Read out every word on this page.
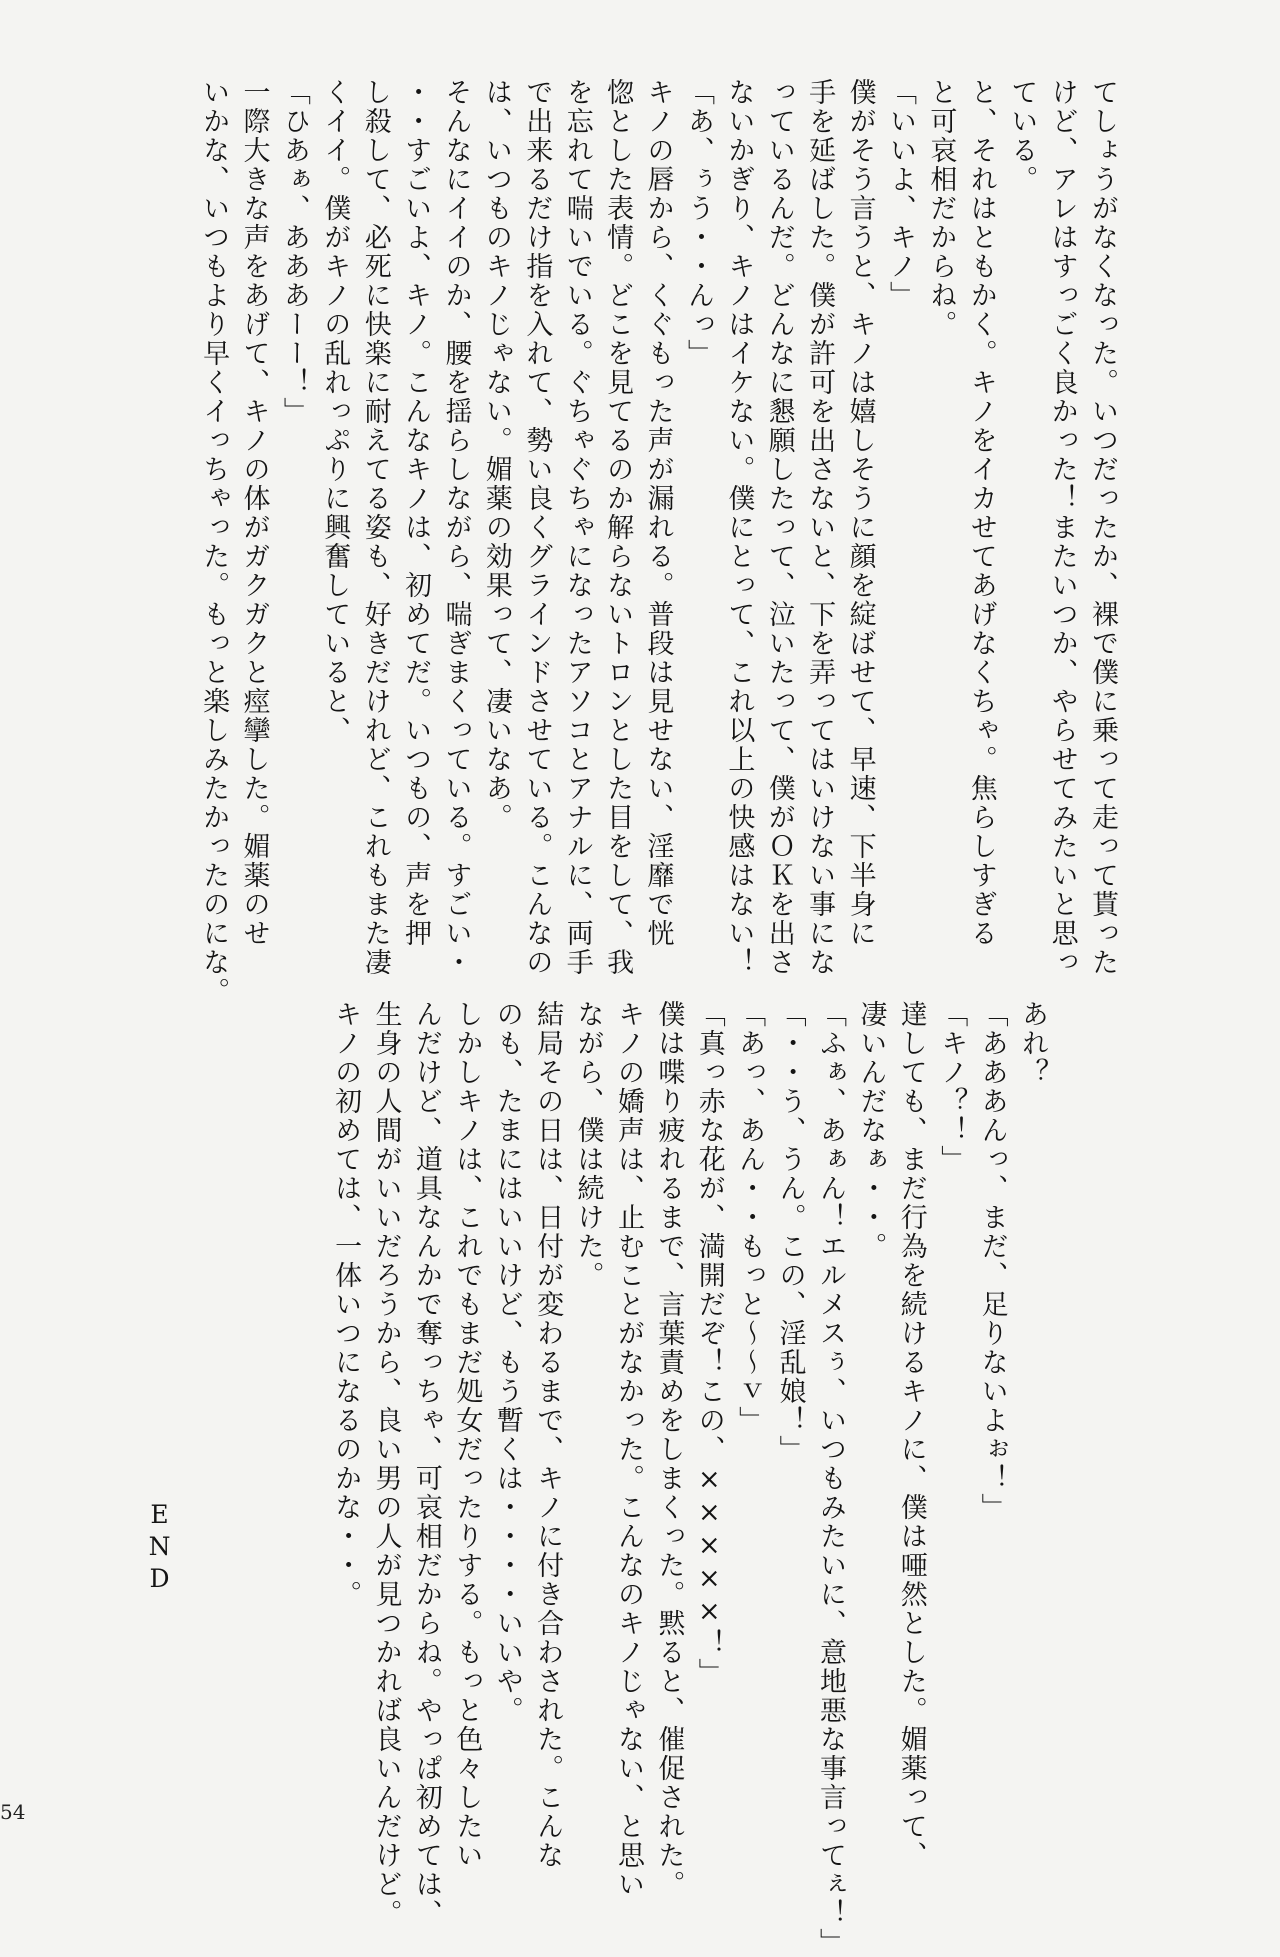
てしょうがなくなった。いつだったか、裸で僕に乗って走って貰った

けど、アレはすっごく良かった！またいつか、やらせてみたいと思っ

ている。

と、それはともかく。キノをイカせてあげなくちゃ。焦らしすぎる

と可哀相だからね。

「いいよ、キノ」

僕がそう言うと、キノは嬉しそうに顔を綻ばせて、早速、下半身に

手を延ばした。僕が許可を出さないと、下を弄ってはいけない事にな

っているんだ。どんなに懇願したって、泣いたって、僕がＯＫを出さ

ないかぎり、キノはイケない。僕にとって、これ以上の快感はない！

「あ、ぅう・・んっ」

キノの唇から、くぐもった声が漏れる。普段は見せない、淫靡で恍

惚とした表情。どこを見てるのか解らないトロンとした目をして、我

を忘れて喘いでいる。ぐちゃぐちゃになったアソコとアナルに、両手

で出来るだけ指を入れて、勢い良くグラインドさせている。こんなの

は、いつものキノじゃない。媚薬の効果って、凄いなあ。

そんなにイイのか、腰を揺らしながら、喘ぎまくっている。すごい・

・・すごいよ、キノ。こんなキノは、初めてだ。いつもの、声を押

し殺して、必死に快楽に耐えてる姿も、好きだけれど、これもまた凄

くイイ。僕がキノの乱れっぷりに興奮していると、

「ひあぁ、あああーー！」

一際大きな声をあげて、キノの体がガクガクと痙攣した。媚薬のせ

いかな、いつもより早くイっちゃった。もっと楽しみたかったのにな。

あれ？

「あああんっ、まだ、足りないよぉ！」

「キノ？！」

達しても、まだ行為を続けるキノに、僕は唖然とした。媚薬って、

凄いんだなぁ・・。

「ふぁ、あぁん！エルメスぅ、いつもみたいに、意地悪な事言ってぇ！」

「・・う、うん。この、淫乱娘！」

「あっ、あん・・もっと～～ｖ」

「真っ赤な花が、満開だぞ！この、×××××！」

僕は喋り疲れるまで、言葉責めをしまくった。黙ると、催促された。

キノの嬌声は、止むことがなかった。こんなのキノじゃない、と思い

ながら、僕は続けた。

結局その日は、日付が変わるまで、キノに付き合わされた。こんな

のも、たまにはいいけど、もう暫くは・・・・いいや。

しかしキノは、これでもまだ処女だったりする。もっと色々したい

んだけど、道具なんかで奪っちゃ、可哀相だからね。やっぱ初めては、

生身の人間がいいだろうから、良い男の人が見つかれば良いんだけど。

キノの初めては、一体いつになるのかな・・。

END
54
